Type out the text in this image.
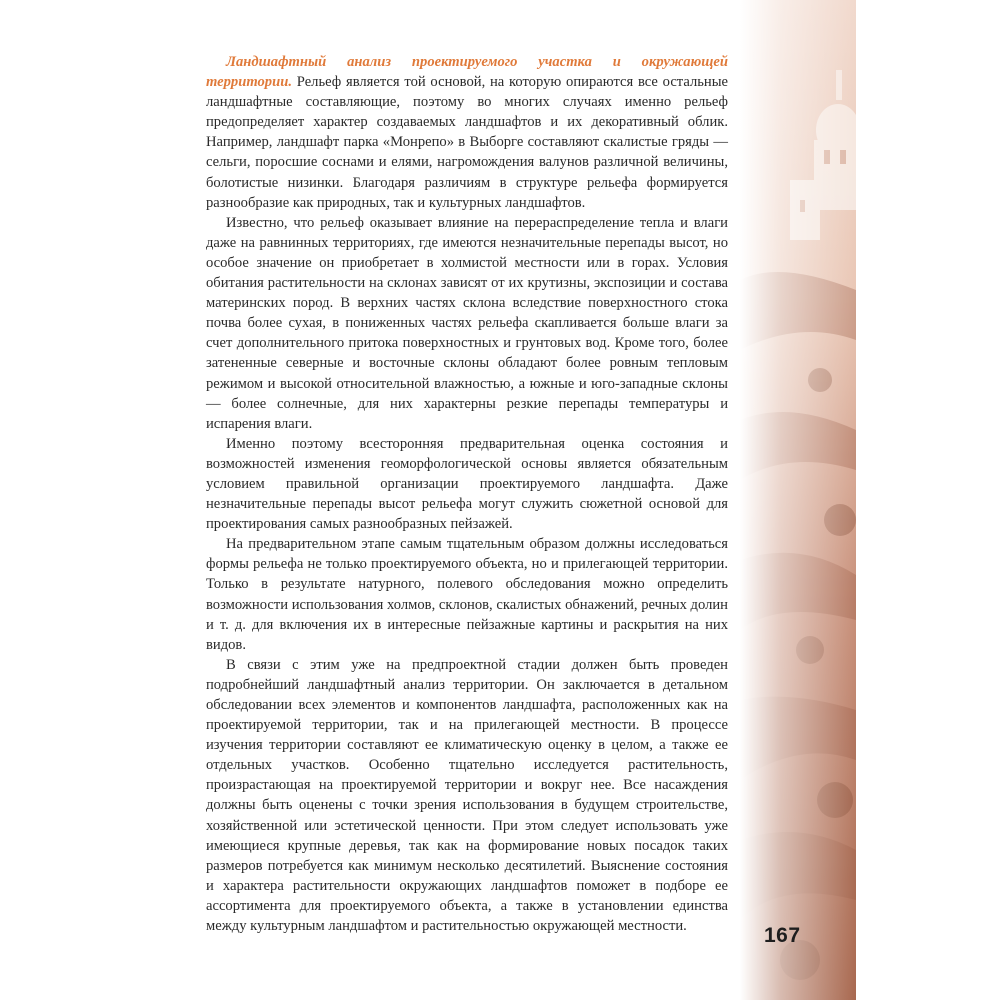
Ландшафтный анализ проектируемого участка и окружающей территории. Рельеф является той основой, на которую опираются все остальные ландшафтные составляющие, поэтому во многих случаях именно рельеф предопределяет характер создаваемых ландшафтов и их декоративный облик. Например, ландшафт парка «Монрепо» в Выборге составляют скалистые гряды — сельги, поросшие соснами и елями, нагромождения валунов различной величины, болотистые низинки. Благодаря различиям в структуре рельефа формируется разнообразие как природных, так и культурных ландшафтов.

Известно, что рельеф оказывает влияние на перераспределение тепла и влаги даже на равнинных территориях, где имеются незначительные перепады высот, но особое значение он приобретает в холмистой местности или в горах. Условия обитания растительности на склонах зависят от их крутизны, экспозиции и состава материнских пород. В верхних частях склона вследствие поверхностного стока почва более сухая, в пониженных частях рельефа скапливается больше влаги за счет дополнительного притока поверхностных и грунтовых вод. Кроме того, более затененные северные и восточные склоны обладают более ровным тепловым режимом и высокой относительной влажностью, а южные и юго-западные склоны — более солнечные, для них характерны резкие перепады температуры и испарения влаги.

Именно поэтому всесторонняя предварительная оценка состояния и возможностей изменения геоморфологической основы является обязательным условием правильной организации проектируемого ландшафта. Даже незначительные перепады высот рельефа могут служить сюжетной основой для проектирования самых разнообразных пейзажей.

На предварительном этапе самым тщательным образом должны исследоваться формы рельефа не только проектируемого объекта, но и прилегающей территории. Только в результате натурного, полевого обследования можно определить возможности использования холмов, склонов, скалистых обнажений, речных долин и т. д. для включения их в интересные пейзажные картины и раскрытия на них видов.

В связи с этим уже на предпроектной стадии должен быть проведен подробнейший ландшафтный анализ территории. Он заключается в детальном обследовании всех элементов и компонентов ландшафта, расположенных как на проектируемой территории, так и на прилегающей местности. В процессе изучения территории составляют ее климатическую оценку в целом, а также ее отдельных участков. Особенно тщательно исследуется растительность, произрастающая на проектируемой территории и вокруг нее. Все насаждения должны быть оценены с точки зрения использования в будущем строительстве, хозяйственной или эстетической ценности. При этом следует использовать уже имеющиеся крупные деревья, так как на формирование новых посадок таких размеров потребуется как минимум несколько десятилетий. Выяснение состояния и характера растительности окружающих ландшафтов поможет в подборе ее ассортимента для проектируемого объекта, а также в установлении единства между культурным ландшафтом и растительностью окружающей местности.	167
